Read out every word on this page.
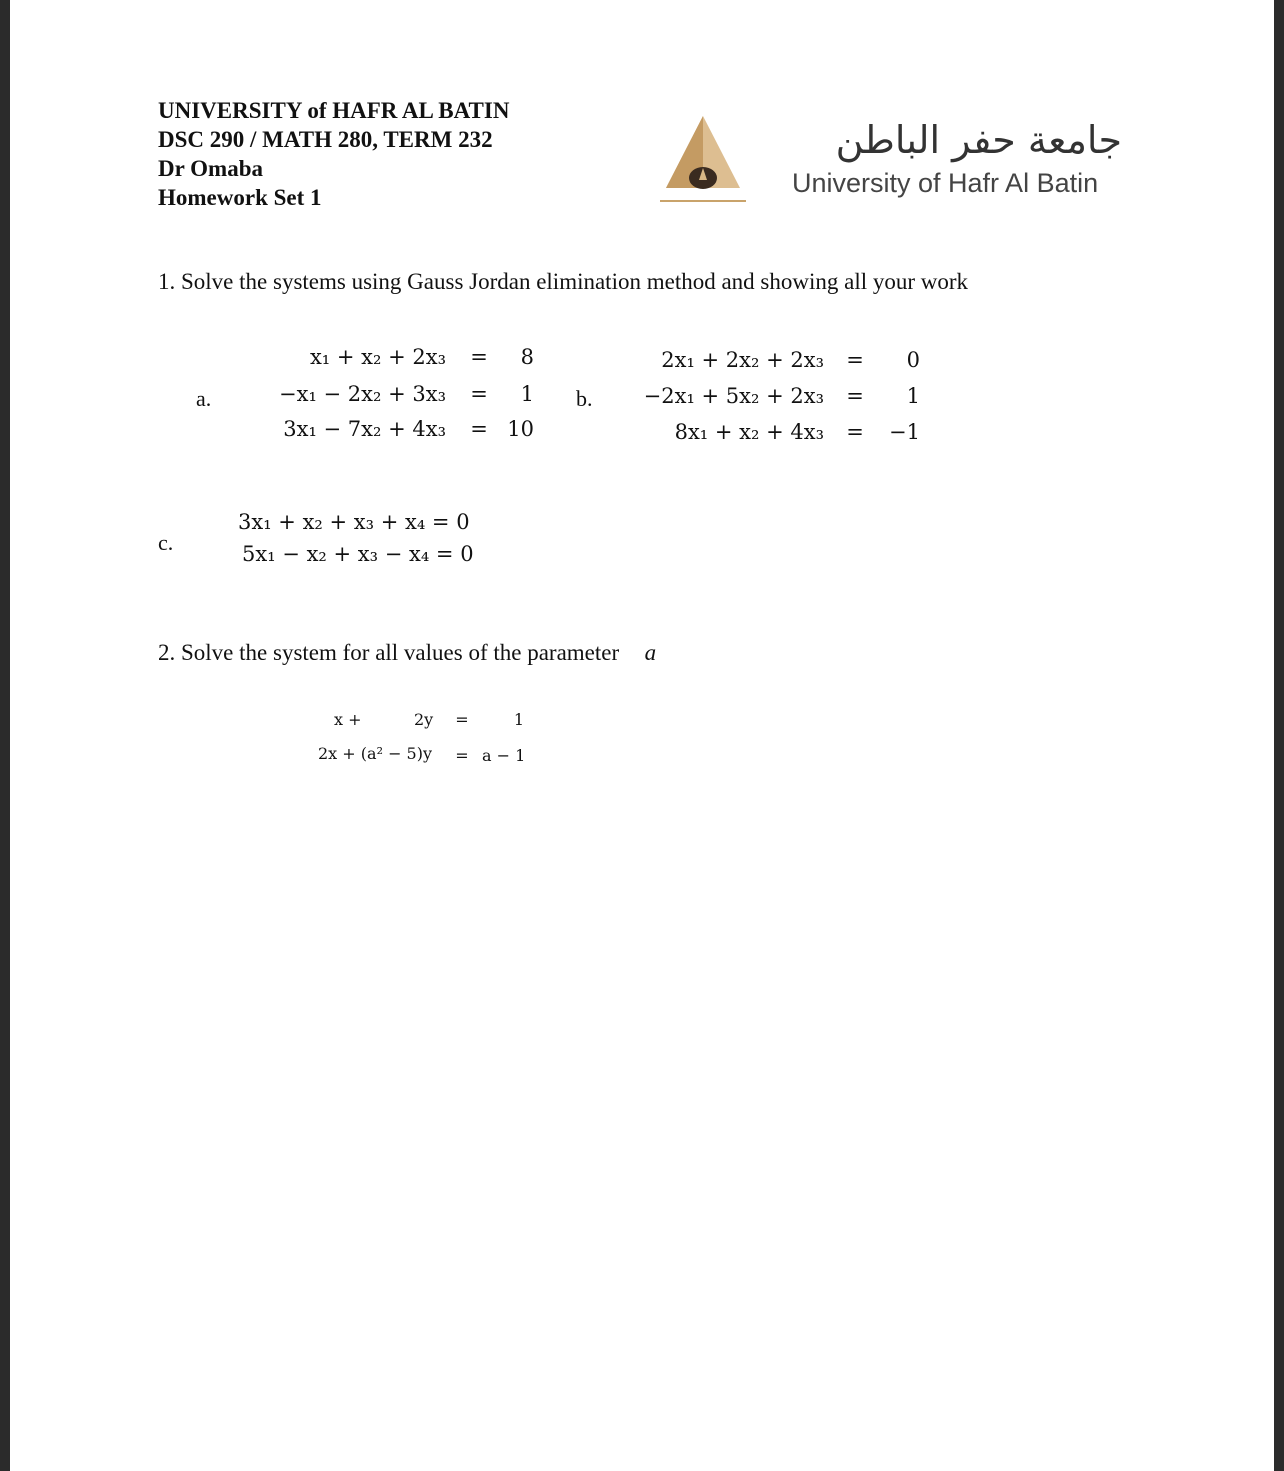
UNIVERSITY of HAFR AL BATIN
DSC 290 / MATH 280, TERM 232
Dr Omaba
Homework Set 1
جامعة حفر الباطن
University of Hafr Al Batin
1. Solve the systems using Gauss Jordan elimination method and showing all your work
a.
x₁ + x₂ + 2x₃ =	8
−x₁ − 2x₂ + 3x₃ =	1
3x₁ − 7x₂ + 4x₃ = 10
b.
2x₁ + 2x₂ + 2x₃ =	0
−2x₁ + 5x₂ + 2x₃ =	1
8x₁ + x₂ + 4x₃ =	−1
c.
3x₁ + x₂ + x₃ + x₄ = 0
5x₁ − x₂ + x₃ − x₄ = 0
2. Solve the system for all values of the parameter a
x +	2y	=	1
2x + (a² − 5)y	= a − 1
